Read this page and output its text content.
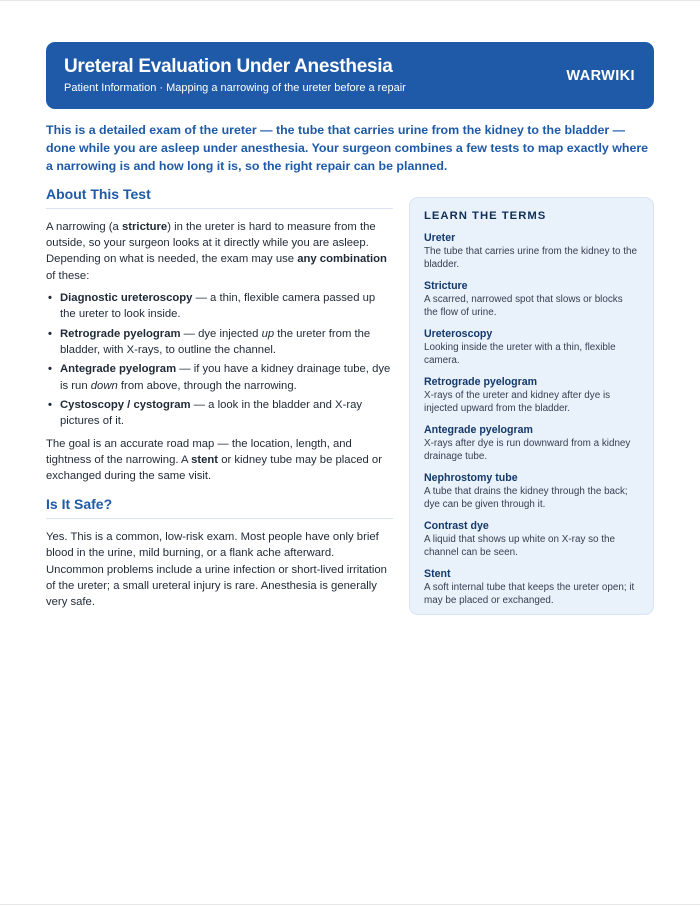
Ureteral Evaluation Under Anesthesia
Patient Information · Mapping a narrowing of the ureter before a repair
WARWIKI

This is a detailed exam of the ureter — the tube that carries urine from the kidney to the bladder — done while you are asleep under anesthesia. Your surgeon combines a few tests to map exactly where a narrowing is and how long it is, so the right repair can be planned.

About This Test

A narrowing (a stricture) in the ureter is hard to measure from the outside, so your surgeon looks at it directly while you are asleep. Depending on what is needed, the exam may use any combination of these:

• Diagnostic ureteroscopy — a thin, flexible camera passed up the ureter to look inside.
• Retrograde pyelogram — dye injected up the ureter from the bladder, with X-rays, to outline the channel.
• Antegrade pyelogram — if you have a kidney drainage tube, dye is run down from above, through the narrowing.
• Cystoscopy / cystogram — a look in the bladder and X-ray pictures of it.

The goal is an accurate road map — the location, length, and tightness of the narrowing. A stent or kidney tube may be placed or exchanged during the same visit.

Is It Safe?

Yes. This is a common, low-risk exam. Most people have only brief blood in the urine, mild burning, or a flank ache afterward. Uncommon problems include a urine infection or short-lived irritation of the ureter; a small ureteral injury is rare. Anesthesia is generally very safe.

LEARN THE TERMS
Ureter
The tube that carries urine from the kidney to the bladder.
Stricture
A scarred, narrowed spot that slows or blocks the flow of urine.
Ureteroscopy
Looking inside the ureter with a thin, flexible camera.
Retrograde pyelogram
X-rays of the ureter and kidney after dye is injected upward from the bladder.
Antegrade pyelogram
X-rays after dye is run downward from a kidney drainage tube.
Nephrostomy tube
A tube that drains the kidney through the back; dye can be given through it.
Contrast dye
A liquid that shows up white on X-ray so the channel can be seen.
Stent
A soft internal tube that keeps the ureter open; it may be placed or exchanged.
